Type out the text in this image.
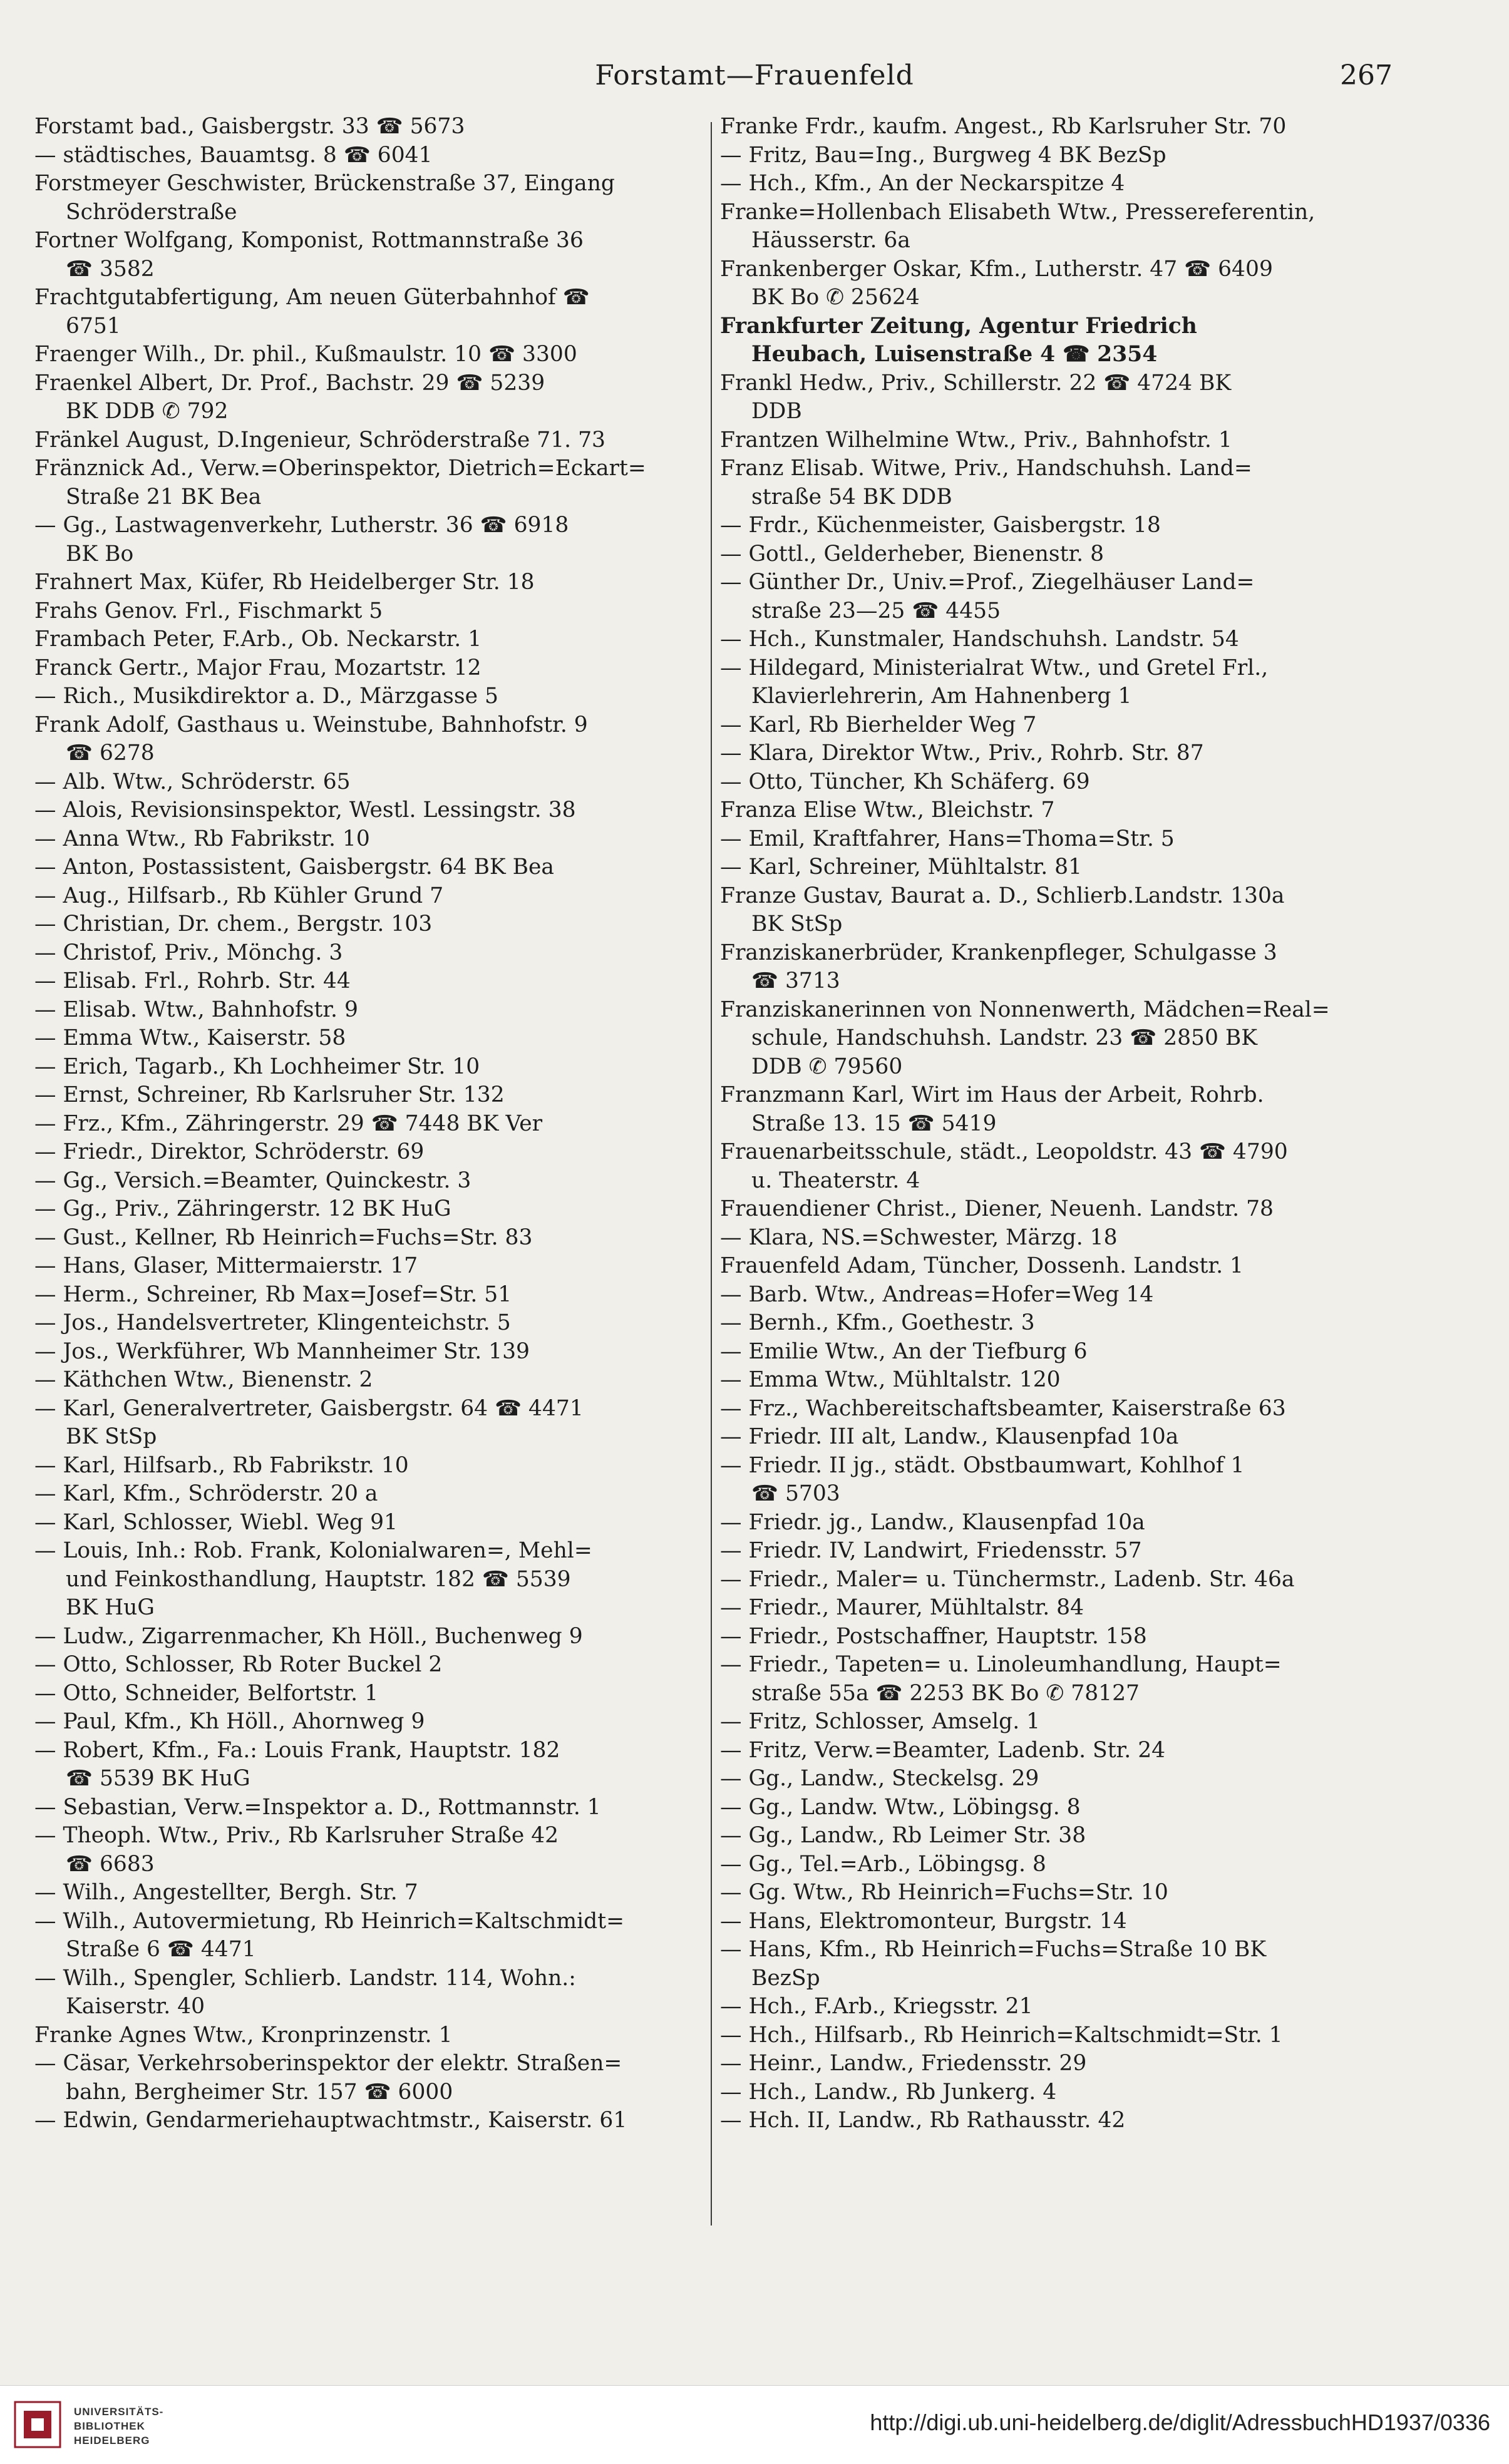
Forstamt—Frauenfeld	267
Forstamt bad., Gaisbergstr. 33 ☎ 5673
— städtisches, Bauamtsg. 8 ☎ 6041
Forstmeyer Geschwister, Brückenstraße 37, Eingang
Schröderstraße
Fortner Wolfgang, Komponist, Rottmannstraße 36
☎ 3582
Frachtgutabfertigung, Am neuen Güterbahnhof ☎
6751
Fraenger Wilh., Dr. phil., Kußmaulstr. 10 ☎ 3300
Fraenkel Albert, Dr. Prof., Bachstr. 29 ☎ 5239
BK DDB ✆ 792
Fränkel August, D.Ingenieur, Schröderstraße 71. 73
Fränznick Ad., Verw.=Oberinspektor, Dietrich=Eckart=
Straße 21 BK Bea
— Gg., Lastwagenverkehr, Lutherstr. 36 ☎ 6918
BK Bo
Frahnert Max, Küfer, Rb Heidelberger Str. 18
Frahs Genov. Frl., Fischmarkt 5
Frambach Peter, F.Arb., Ob. Neckarstr. 1
Franck Gertr., Major Frau, Mozartstr. 12
— Rich., Musikdirektor a. D., Märzgasse 5
Frank Adolf, Gasthaus u. Weinstube, Bahnhofstr. 9
☎ 6278
— Alb. Wtw., Schröderstr. 65
— Alois, Revisionsinspektor, Westl. Lessingstr. 38
— Anna Wtw., Rb Fabrikstr. 10
— Anton, Postassistent, Gaisbergstr. 64 BK Bea
— Aug., Hilfsarb., Rb Kühler Grund 7
— Christian, Dr. chem., Bergstr. 103
— Christof, Priv., Mönchg. 3
— Elisab. Frl., Rohrb. Str. 44
— Elisab. Wtw., Bahnhofstr. 9
— Emma Wtw., Kaiserstr. 58
— Erich, Tagarb., Kh Lochheimer Str. 10
— Ernst, Schreiner, Rb Karlsruher Str. 132
— Frz., Kfm., Zähringerstr. 29 ☎ 7448 BK Ver
— Friedr., Direktor, Schröderstr. 69
— Gg., Versich.=Beamter, Quinckestr. 3
— Gg., Priv., Zähringerstr. 12 BK HuG
— Gust., Kellner, Rb Heinrich=Fuchs=Str. 83
— Hans, Glaser, Mittermaierstr. 17
— Herm., Schreiner, Rb Max=Josef=Str. 51
— Jos., Handelsvertreter, Klingenteichstr. 5
— Jos., Werkführer, Wb Mannheimer Str. 139
— Käthchen Wtw., Bienenstr. 2
— Karl, Generalvertreter, Gaisbergstr. 64 ☎ 4471
BK StSp
— Karl, Hilfsarb., Rb Fabrikstr. 10
— Karl, Kfm., Schröderstr. 20 a
— Karl, Schlosser, Wiebl. Weg 91
— Louis, Inh.: Rob. Frank, Kolonialwaren=, Mehl=
und Feinkosthandlung, Hauptstr. 182 ☎ 5539
BK HuG
— Ludw., Zigarrenmacher, Kh Höll., Buchenweg 9
— Otto, Schlosser, Rb Roter Buckel 2
— Otto, Schneider, Belfortstr. 1
— Paul, Kfm., Kh Höll., Ahornweg 9
— Robert, Kfm., Fa.: Louis Frank, Hauptstr. 182
☎ 5539 BK HuG
— Sebastian, Verw.=Inspektor a. D., Rottmannstr. 1
— Theoph. Wtw., Priv., Rb Karlsruher Straße 42
☎ 6683
— Wilh., Angestellter, Bergh. Str. 7
— Wilh., Autovermietung, Rb Heinrich=Kaltschmidt=
Straße 6 ☎ 4471
— Wilh., Spengler, Schlierb. Landstr. 114, Wohn.:
Kaiserstr. 40
Franke Agnes Wtw., Kronprinzenstr. 1
— Cäsar, Verkehrsoberinspektor der elektr. Straßen=
bahn, Bergheimer Str. 157 ☎ 6000
— Edwin, Gendarmeriehauptwachtmstr., Kaiserstr. 61
Franke Frdr., kaufm. Angest., Rb Karlsruher Str. 70
— Fritz, Bau=Ing., Burgweg 4 BK BezSp
— Hch., Kfm., An der Neckarspitze 4
Franke=Hollenbach Elisabeth Wtw., Pressereferentin,
Häusserstr. 6a
Frankenberger Oskar, Kfm., Lutherstr. 47 ☎ 6409
BK Bo ✆ 25624
Frankfurter Zeitung, Agentur Friedrich
Heubach, Luisenstraße 4 ☎ 2354
Frankl Hedw., Priv., Schillerstr. 22 ☎ 4724 BK
DDB
Frantzen Wilhelmine Wtw., Priv., Bahnhofstr. 1
Franz Elisab. Witwe, Priv., Handschuhsh. Land=
straße 54 BK DDB
— Frdr., Küchenmeister, Gaisbergstr. 18
— Gottl., Gelderheber, Bienenstr. 8
— Günther Dr., Univ.=Prof., Ziegelhäuser Land=
straße 23—25 ☎ 4455
— Hch., Kunstmaler, Handschuhsh. Landstr. 54
— Hildegard, Ministerialrat Wtw., und Gretel Frl.,
Klavierlehrerin, Am Hahnenberg 1
— Karl, Rb Bierhelder Weg 7
— Klara, Direktor Wtw., Priv., Rohrb. Str. 87
— Otto, Tüncher, Kh Schäferg. 69
Franza Elise Wtw., Bleichstr. 7
— Emil, Kraftfahrer, Hans=Thoma=Str. 5
— Karl, Schreiner, Mühltalstr. 81
Franze Gustav, Baurat a. D., Schlierb.Landstr. 130a
BK StSp
Franziskanerbrüder, Krankenpfleger, Schulgasse 3
☎ 3713
Franziskanerinnen von Nonnenwerth, Mädchen=Real=
schule, Handschuhsh. Landstr. 23 ☎ 2850 BK
DDB ✆ 79560
Franzmann Karl, Wirt im Haus der Arbeit, Rohrb.
Straße 13. 15 ☎ 5419
Frauenarbeitsschule, städt., Leopoldstr. 43 ☎ 4790
u. Theaterstr. 4
Frauendiener Christ., Diener, Neuenh. Landstr. 78
— Klara, NS.=Schwester, Märzg. 18
Frauenfeld Adam, Tüncher, Dossenh. Landstr. 1
— Barb. Wtw., Andreas=Hofer=Weg 14
— Bernh., Kfm., Goethestr. 3
— Emilie Wtw., An der Tiefburg 6
— Emma Wtw., Mühltalstr. 120
— Frz., Wachbereitschaftsbeamter, Kaiserstraße 63
— Friedr. III alt, Landw., Klausenpfad 10a
— Friedr. II jg., städt. Obstbaumwart, Kohlhof 1
☎ 5703
— Friedr. jg., Landw., Klausenpfad 10a
— Friedr. IV, Landwirt, Friedensstr. 57
— Friedr., Maler= u. Tünchermstr., Ladenb. Str. 46a
— Friedr., Maurer, Mühltalstr. 84
— Friedr., Postschaffner, Hauptstr. 158
— Friedr., Tapeten= u. Linoleumhandlung, Haupt=
straße 55a ☎ 2253 BK Bo ✆ 78127
— Fritz, Schlosser, Amselg. 1
— Fritz, Verw.=Beamter, Ladenb. Str. 24
— Gg., Landw., Steckelsg. 29
— Gg., Landw. Wtw., Löbingsg. 8
— Gg., Landw., Rb Leimer Str. 38
— Gg., Tel.=Arb., Löbingsg. 8
— Gg. Wtw., Rb Heinrich=Fuchs=Str. 10
— Hans, Elektromonteur, Burgstr. 14
— Hans, Kfm., Rb Heinrich=Fuchs=Straße 10 BK
BezSp
— Hch., F.Arb., Kriegsstr. 21
— Hch., Hilfsarb., Rb Heinrich=Kaltschmidt=Str. 1
— Heinr., Landw., Friedensstr. 29
— Hch., Landw., Rb Junkerg. 4
— Hch. II, Landw., Rb Rathausstr. 42
UNIVERSITÄTS-
BIBLIOTHEK
HEIDELBERG
http://digi.ub.uni-heidelberg.de/diglit/AdressbuchHD1937/0336
